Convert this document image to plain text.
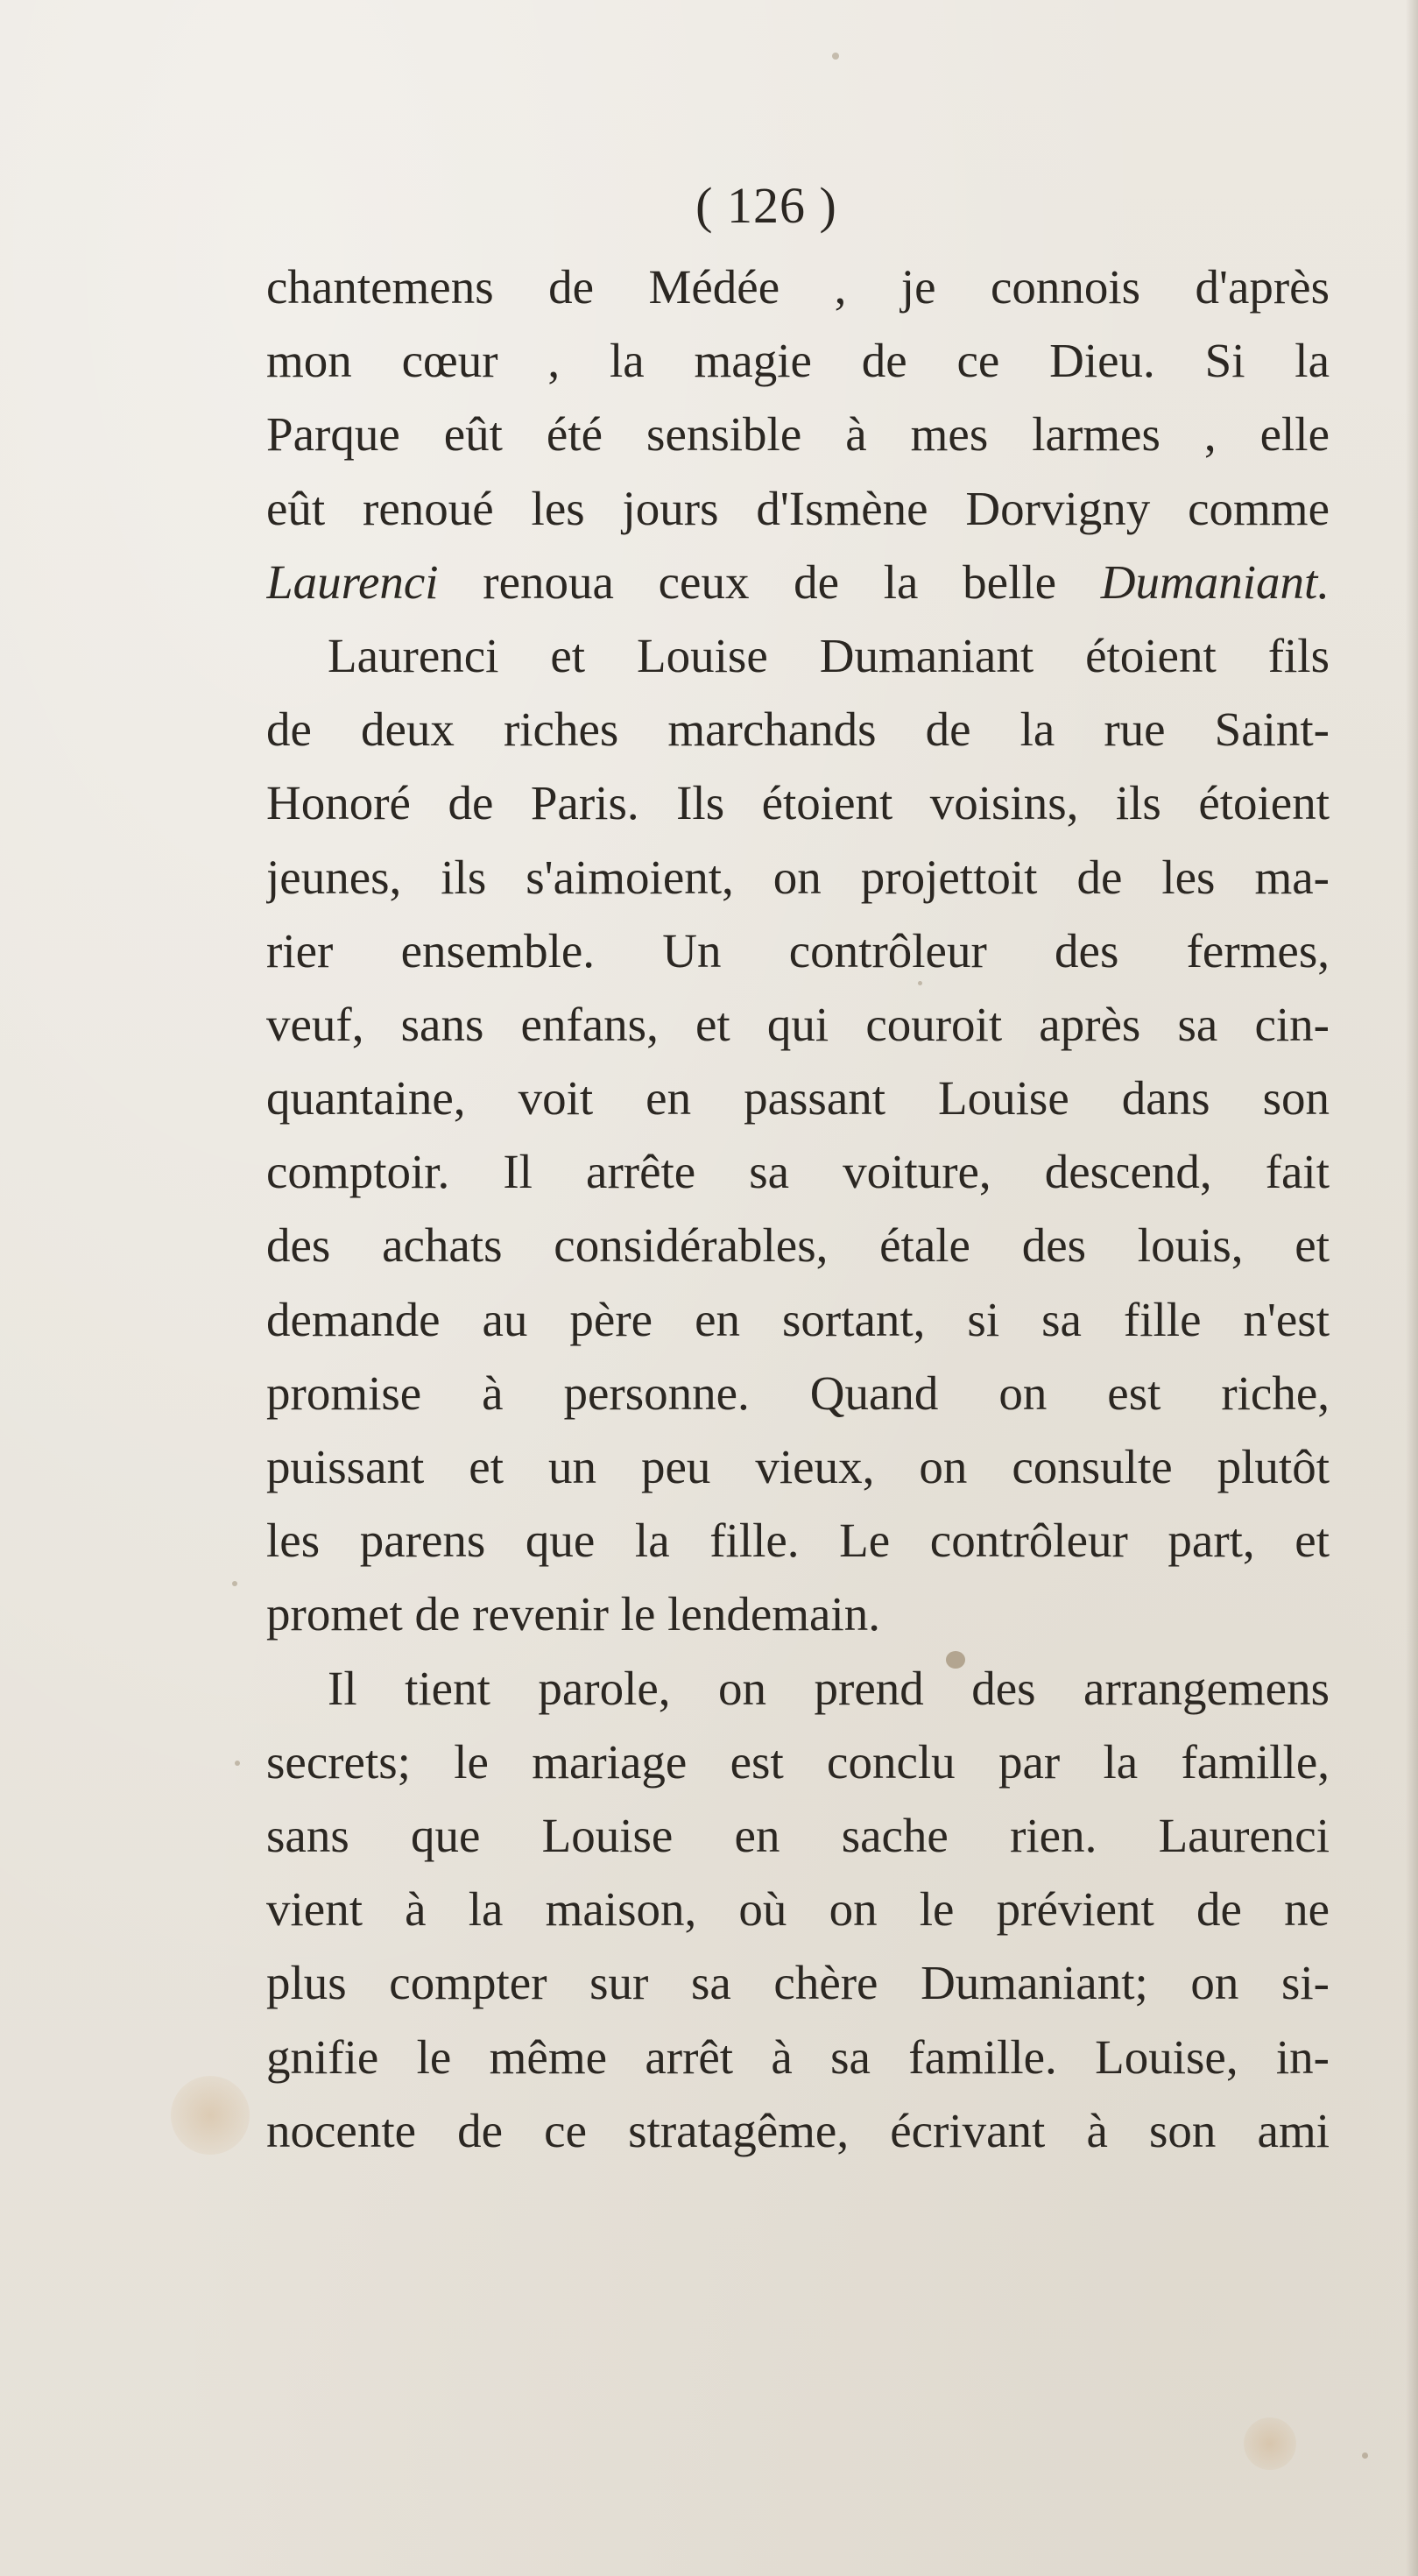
( 126 )
chantemens de Médée , je connois d'après
mon cœur , la magie de ce Dieu. Si la
Parque eût été sensible à mes larmes , elle
eût renoué les jours d'Ismène Dorvigny comme
Laurenci renoua ceux de la belle Dumaniant.
Laurenci et Louise Dumaniant étoient fils
de deux riches marchands de la rue Saint-
Honoré de Paris. Ils étoient voisins, ils étoient
jeunes, ils s'aimoient, on projettoit de les ma-
rier ensemble. Un contrôleur des fermes,
veuf, sans enfans, et qui couroit après sa cin-
quantaine, voit en passant Louise dans son
comptoir. Il arrête sa voiture, descend, fait
des achats considérables, étale des louis, et
demande au père en sortant, si sa fille n'est
promise à personne. Quand on est riche,
puissant et un peu vieux, on consulte plutôt
les parens que la fille. Le contrôleur part, et
promet de revenir le lendemain.
Il tient parole, on prend des arrangemens
secrets; le mariage est conclu par la famille,
sans que Louise en sache rien. Laurenci
vient à la maison, où on le prévient de ne
plus compter sur sa chère Dumaniant; on si-
gnifie le même arrêt à sa famille. Louise, in-
nocente de ce stratagême, écrivant à son ami
